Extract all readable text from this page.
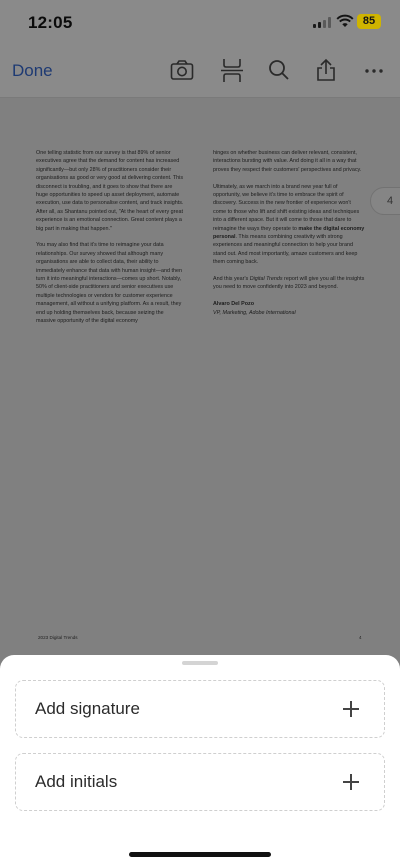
12:05	85
Done

One telling statistic from our survey is that 89% of senior executives agree that the demand for content has increased significantly—but only 28% of practitioners consider their organisations as good or very good at delivering content. This disconnect is troubling, and it goes to show that there are huge opportunities to speed up asset deployment, automate execution, use data to personalise content, and track insights. After all, as Shantanu pointed out, "At the heart of every great experience is an emotional connection. Great content plays a big part in making that happen."

You may also find that it's time to reimagine your data relationships. Our survey showed that although many organisations are able to collect data, their ability to immediately enhance that data with human insight—and then turn it into meaningful interactions—comes up short. Notably, 50% of client-side practitioners and senior executives use multiple technologies or vendors for customer experience management, all without a unifying platform. As a result, they end up holding themselves back, because seizing the massive opportunity of the digital economy

hinges on whether business can deliver relevant, consistent, interactions bursting with value. And doing it all in a way that proves they respect their customers' perspectives and privacy.

Ultimately, as we march into a brand new year full of opportunity, we believe it's time to embrace the spirit of discovery. Success in the new frontier of experience won't come to those who lift and shift existing ideas and techniques into a different space. But it will come to those that dare to reimagine the ways they operate to make the digital economy personal. This means combining creativity with strong experiences and meaningful connection to help your brand stand out. And most importantly, amaze customers and keep them coming back.

And this year's Digital Trends report will give you all the insights you need to move confidently into 2023 and beyond.

Alvaro Del Pozo
VP, Marketing, Adobe International
2023 Digital Trends	4
4
Add signature
Add initials
